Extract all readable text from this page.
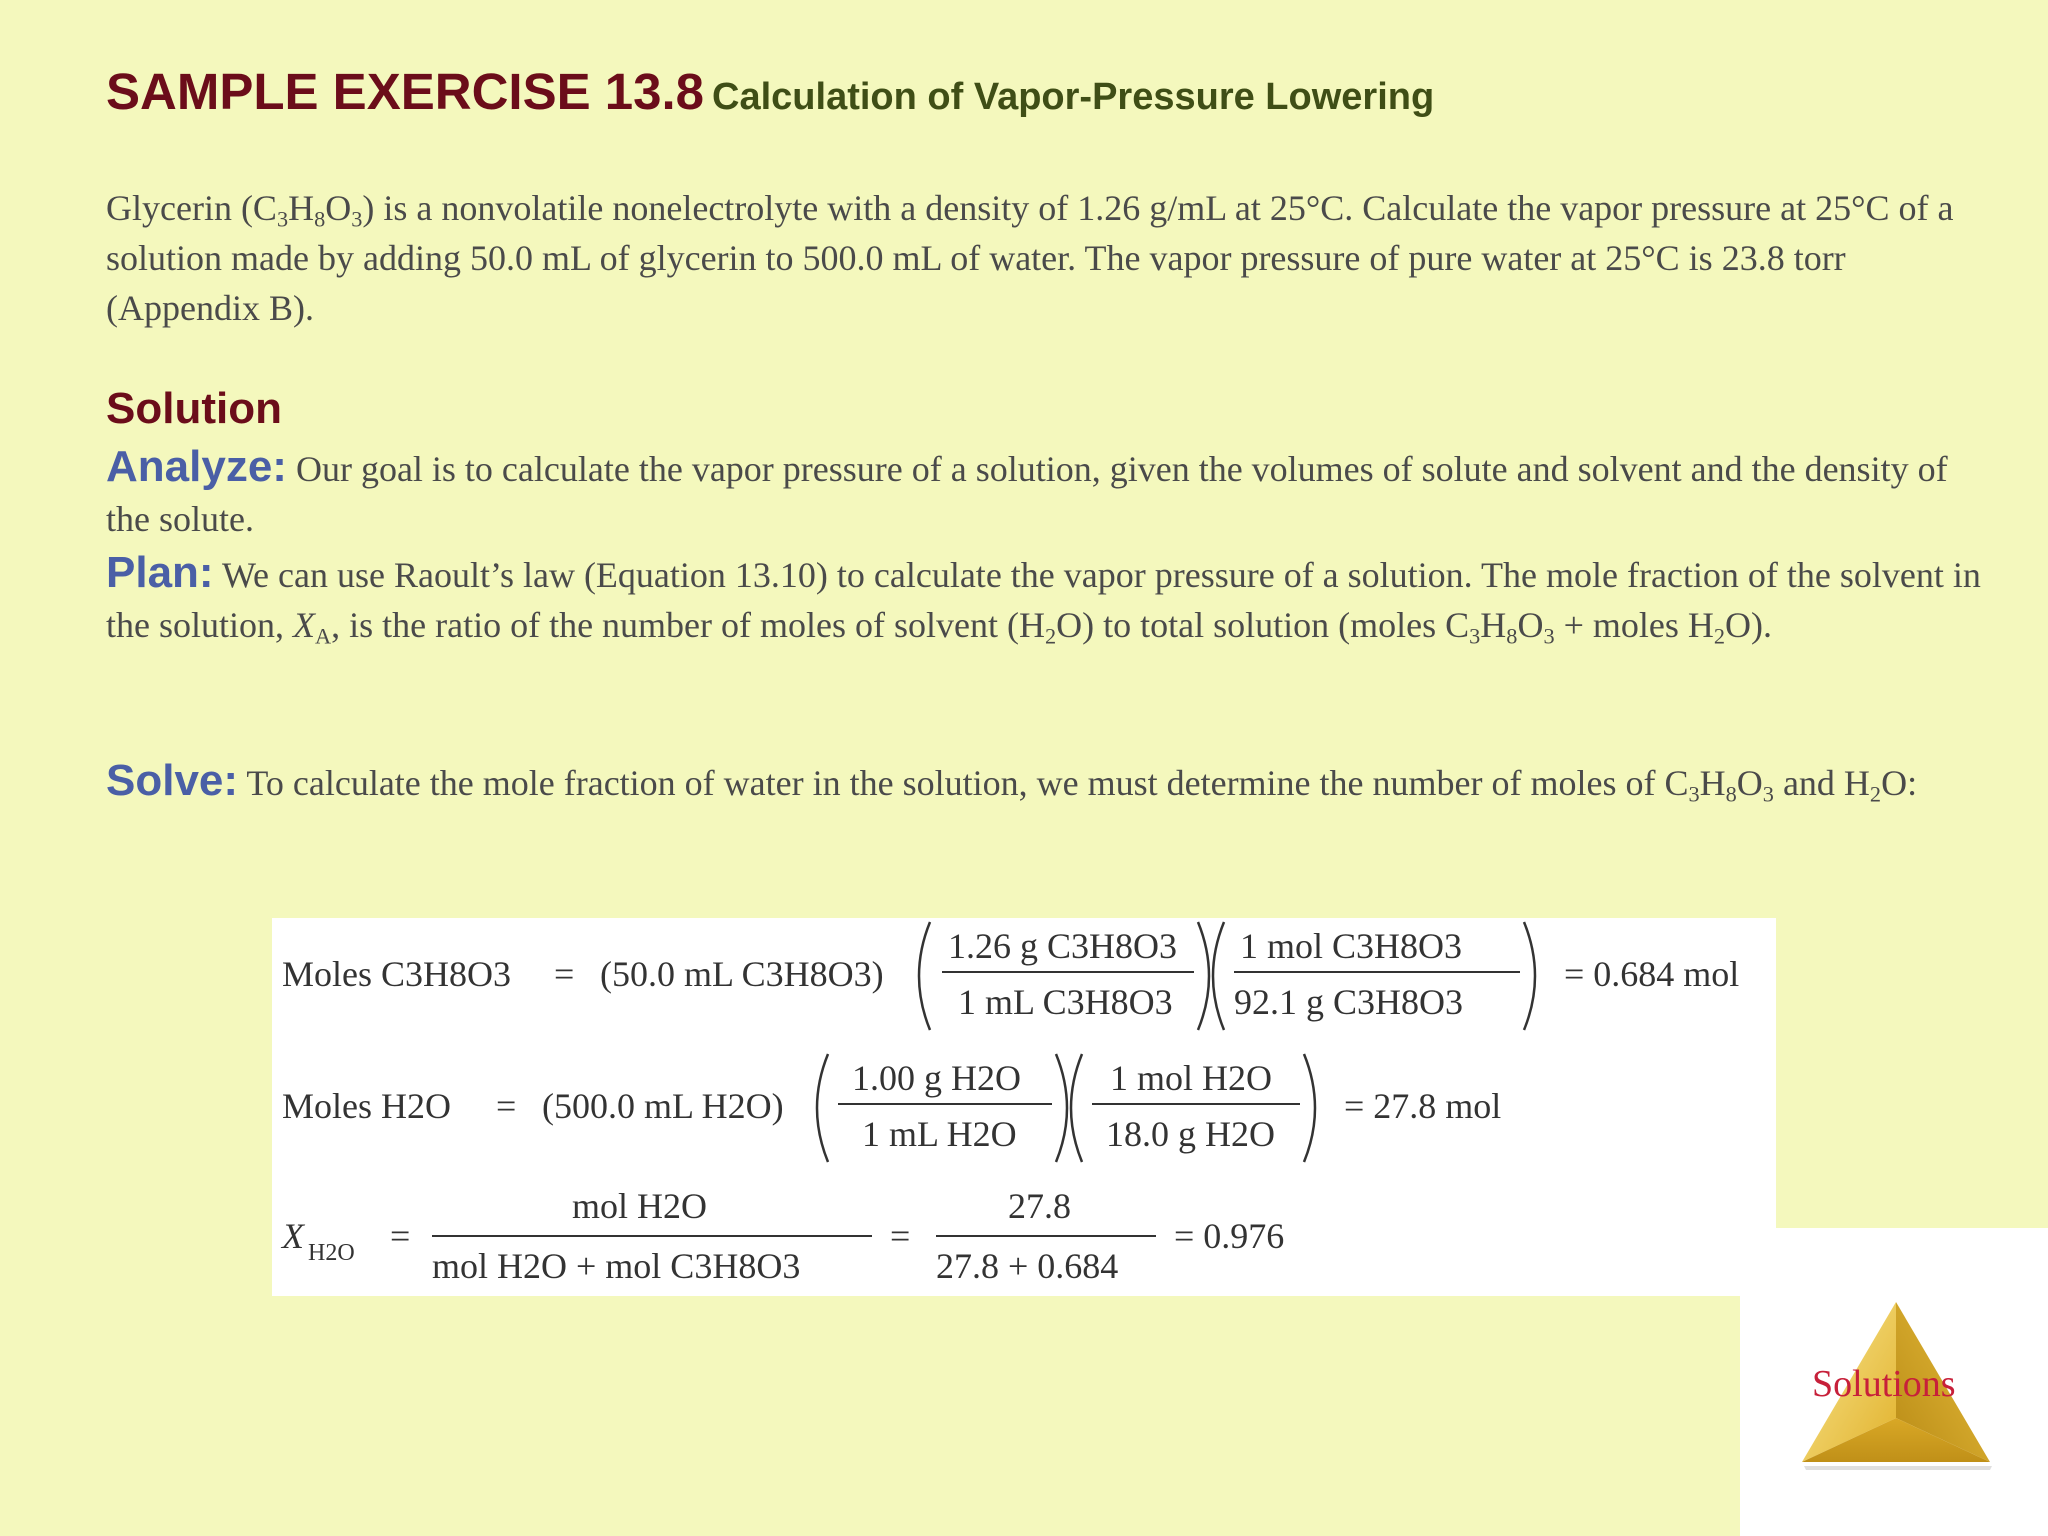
SAMPLE EXERCISE 13.8 Calculation of Vapor-Pressure Lowering
Glycerin $(C_3H_8O_3)$ is a nonvolatile nonelectrolyte with a density of 1.26 g/mL at 25°C. Calculate the vapor pressure at 25°C of a solution made by adding 50.0 mL of glycerin to 500.0 mL of water. The vapor pressure of pure water at 25°C is 23.8 torr (Appendix B).
Solution
Analyze: Our goal is to calculate the vapor pressure of a solution, given the volumes of solute and solvent and the density of the solute.
Plan: We can use Raoult’s law (Equation 13.10) to calculate the vapor pressure of a solution. The mole fraction of the solvent in the solution, $X_A$, is the ratio of the number of moles of solvent $(H_2O)$ to total solution (moles $C_3H_8O_3$ + moles $H_2O$).
Solve: To calculate the mole fraction of water in the solution, we must determine the number of moles of $C_3H_8O_3$ and $H_2O$:
Moles C3H8O3 = (50.0 mL C3H8O3)
1.26 g C3H8O3
1 mL C3H8O3
1 mol C3H8O3
92.1 g C3H8O3
= 0.684 mol
Moles H2O = (500.0 mL H2O)
1.00 g H2O
1 mL H2O
1 mol H2O
18.0 g H2O
= 27.8 mol
X H2O =
mol H2O
mol H2O + mol C3H8O3
=
27.8
27.8 + 0.684
= 0.976
Solutions
